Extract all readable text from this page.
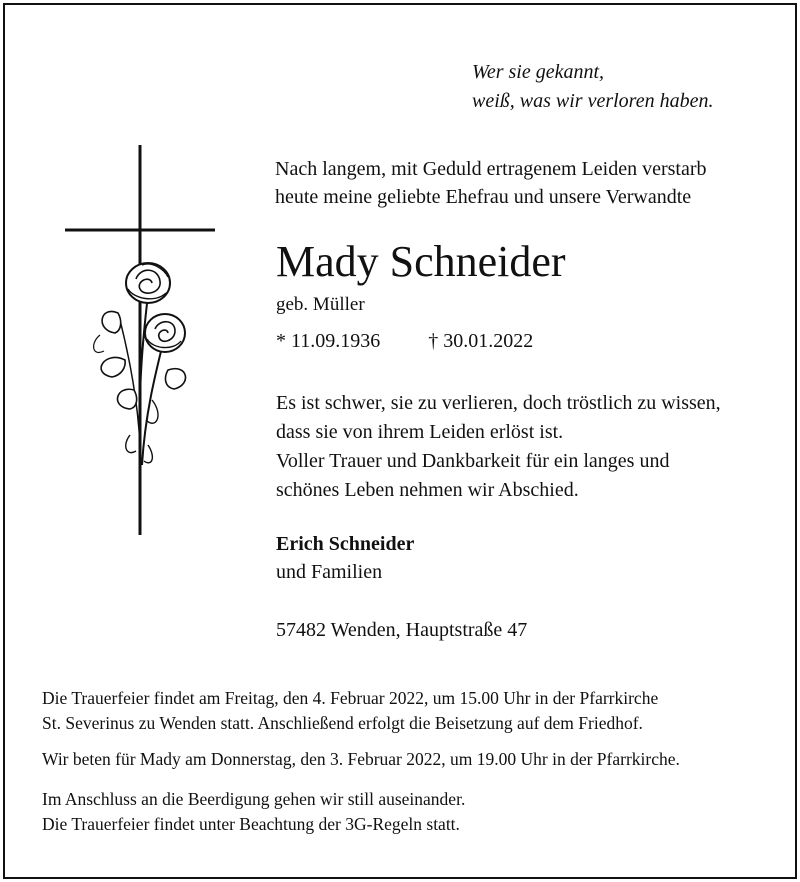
Wer sie gekannt,
weiß, was wir verloren haben.
Nach langem, mit Geduld ertragenem Leiden verstarb
heute meine geliebte Ehefrau und unsere Verwandte
Mady Schneider
geb. Müller
* 11.09.1936 † 30.01.2022
Es ist schwer, sie zu verlieren, doch tröstlich zu wissen,
dass sie von ihrem Leiden erlöst ist.
Voller Trauer und Dankbarkeit für ein langes und
schönes Leben nehmen wir Abschied.
Erich Schneider
und Familien
57482 Wenden, Hauptstraße 47
Die Trauerfeier findet am Freitag, den 4. Februar 2022, um 15.00 Uhr in der Pfarrkirche
St. Severinus zu Wenden statt. Anschließend erfolgt die Beisetzung auf dem Friedhof.
Wir beten für Mady am Donnerstag, den 3. Februar 2022, um 19.00 Uhr in der Pfarrkirche.
Im Anschluss an die Beerdigung gehen wir still auseinander.
Die Trauerfeier findet unter Beachtung der 3G-Regeln statt.
